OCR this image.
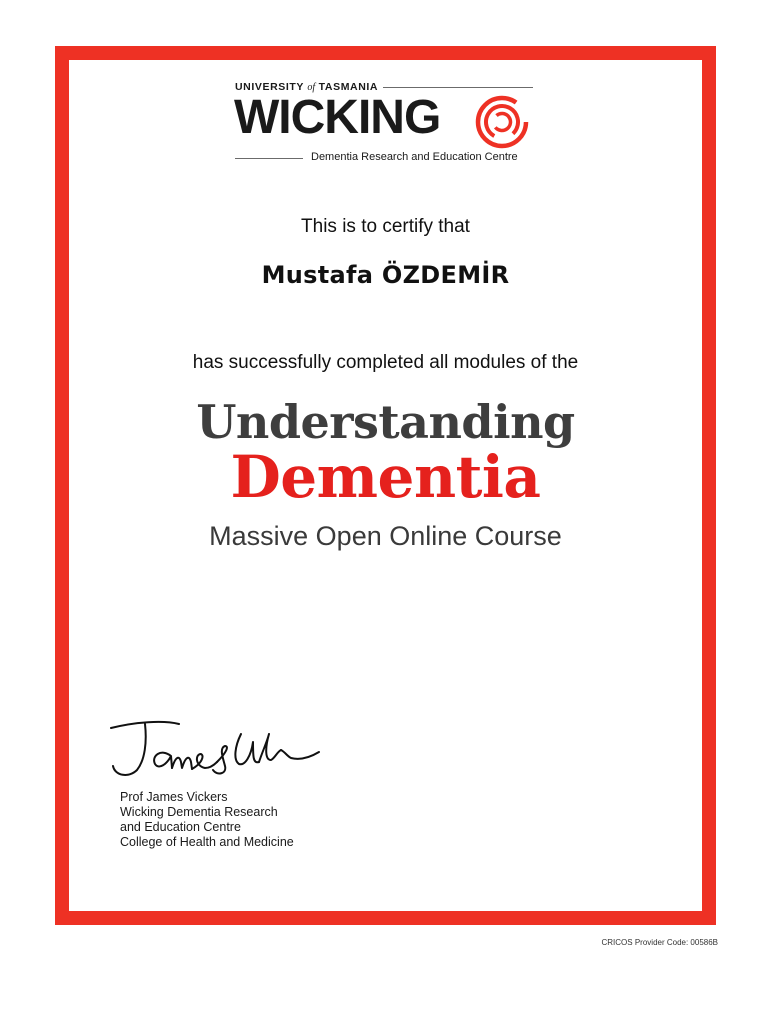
UNIVERSITY of TASMANIA
WICKING
Dementia Research and Education Centre
This is to certify that
Mustafa ÖZDEMİR
has successfully completed all modules of the
Understanding
Dementia
Massive Open Online Course
Prof James Vickers
Wicking Dementia Research
and Education Centre
College of Health and Medicine
CRICOS Provider Code: 00586B
